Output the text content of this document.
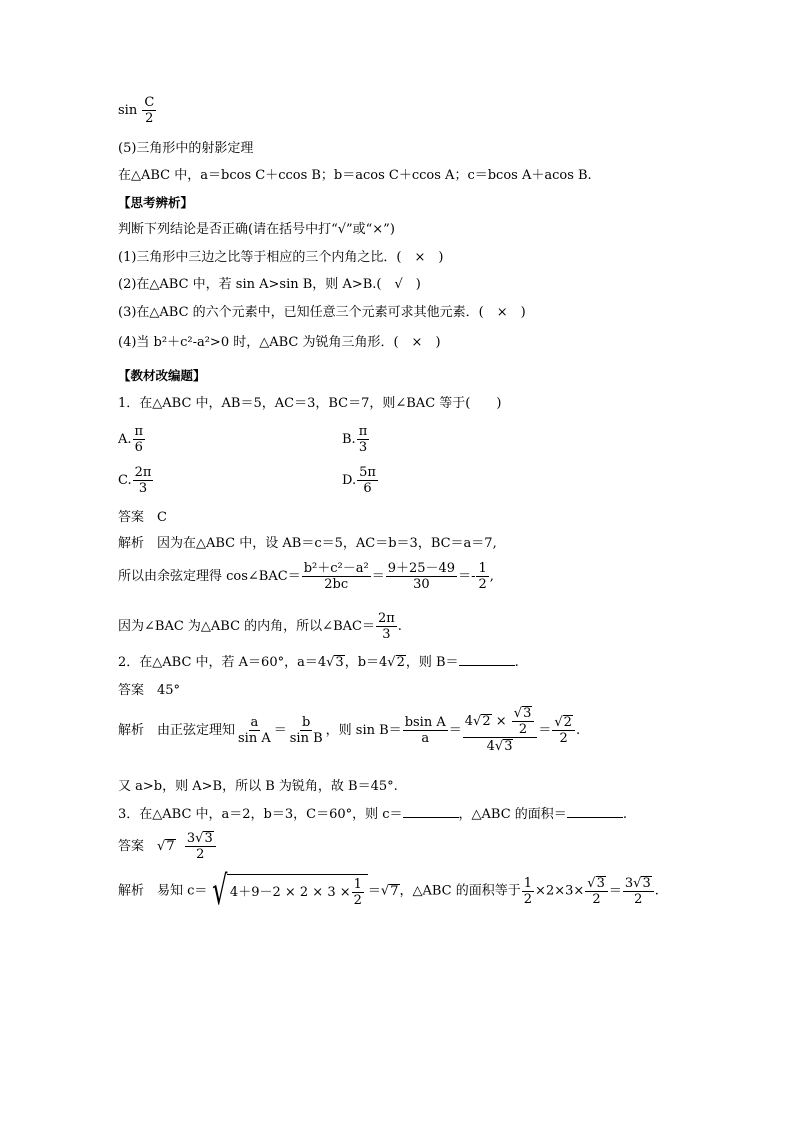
$\sin \frac{C}{2}$
(5)三角形中的射影定理
在△ABC 中，a＝bcos C＋ccos B；b＝acos C＋ccos A；c＝bcos A＋acos B.
【思考辨析】
判断下列结论是否正确(请在括号中打“√”或“×”)
(1)三角形中三边之比等于相应的三个内角之比．(　×　)
(2)在△ABC 中，若 sin A>sin B，则 A>B.(　√　)
(3)在△ABC 的六个元素中，已知任意三个元素可求其他元素．(　×　)
(4)当 b²＋c²-a²>0 时，△ABC 为锐角三角形．(　×　)
【教材改编题】
1．在△ABC 中，AB＝5，AC＝3，BC＝7，则∠BAC 等于(　　)
A. $\frac{\pi}{6}$	B. $\frac{\pi}{3}$
C. $\frac{2\pi}{3}$	D. $\frac{5\pi}{6}$
答案　C
解析　因为在△ABC 中，设 AB＝c＝5，AC＝b＝3，BC＝a＝7,
所以由余弦定理得 cos∠BAC＝ $\frac{\text{b²＋c²－a²}}{2bc} = \frac{9+25-49}{30} =- \frac{1}{2}$ ,
因为∠BAC 为△ABC 的内角，所以∠BAC＝ $\frac{2\pi}{3}$ .
2．在△ABC 中，若 A＝60°，a＝4√3，b＝4√2，则 B＝	.
答案　45°
解析　由正弦定理知 $\frac{a}{\text{sin A}} = \frac{b}{\text{sin B}}$ ，则 $\sin B= \frac{\text{bsin A}}{a} = \frac{4√2 \times \frac{√3}{2}}{4√3} = \frac{√2}{2}$ .
又 a>b，则 A>B，所以 B 为锐角，故 B＝45°.
3．在△ABC 中，a＝2，b＝3，C＝60°，则 c＝	，△ABC 的面积＝	.
答案　$√7 \frac{3√3}{2}$
解析　易知 c＝ √ $4+9-2 \times 2 \times 3 \times \frac{1}{2} =√7$，△ABC 的面积等于 $\frac{1}{2} \times 2\times 3\times \frac{√3}{2} = \frac{3√3}{2}$ .
